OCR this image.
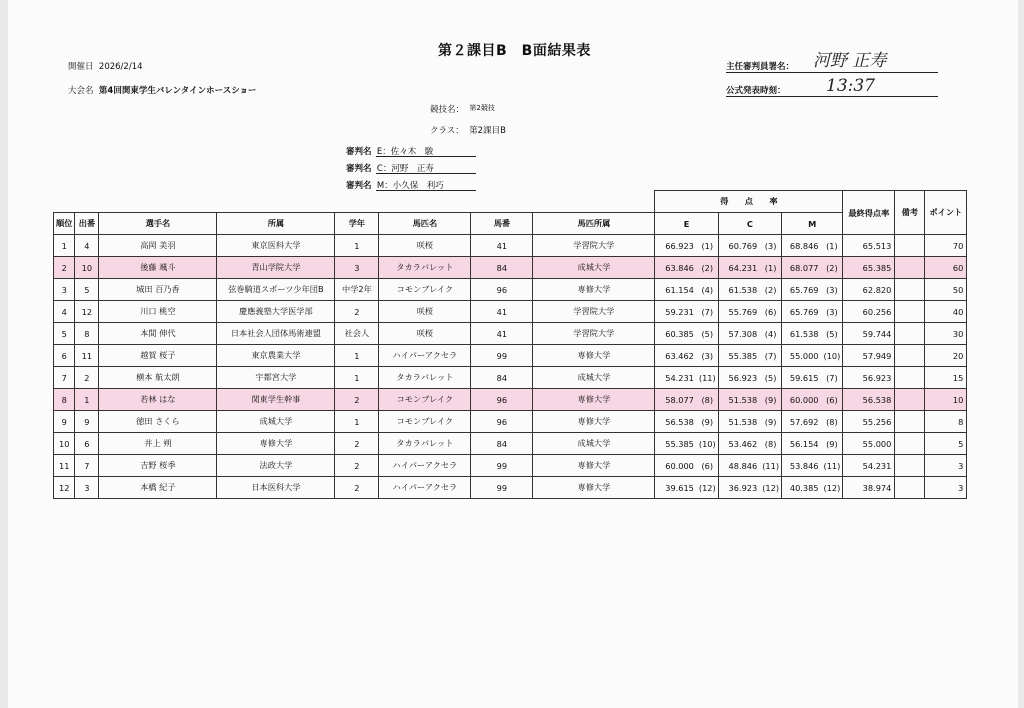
第２課目B　B面結果表
開催日 2026/2/14
大会名 第4回関東学生バレンタインホースショー
競技名： $^{第2競技}$
クラス： 第2課目B
主任審判員署名： 河野 正寿
公式発表時刻： 13:37
審判名 E：佐々木　駿
審判名 C：河野　正寿
審判名 M：小久保　利巧
								得　　点　　率						最終得点率	備考	ポイント
順位	出番	選手名	所属	学年	馬匹名	馬番	馬匹所属	E		C		M				
1	4	高岡 美羽	東京医科大学	1	咲桜	41	学習院大学	66.923	(1)	60.769	(3)	68.846	(1)	65.513		70
2	10	後藤 颯斗	青山学院大学	3	タカラバレット	84	成城大学	63.846	(2)	64.231	(1)	68.077	(2)	65.385		60
3	5	城田 百乃香	弦巻騎道スポーツ少年団B	中学2年	コモンブレイク	96	専修大学	61.154	(4)	61.538	(2)	65.769	(3)	62.820		50
4	12	川口 桃空	慶應義塾大学医学部	2	咲桜	41	学習院大学	59.231	(7)	55.769	(6)	65.769	(3)	60.256		40
5	8	本間 伸代	日本社会人団体馬術連盟	社会人	咲桜	41	学習院大学	60.385	(5)	57.308	(4)	61.538	(5)	59.744		30
6	11	越賀 桜子	東京農業大学	1	ハイパーアクセラ	99	専修大学	63.462	(3)	55.385	(7)	55.000	(10)	57.949		20
7	2	横本 航太朗	宇都宮大学	1	タカラバレット	84	成城大学	54.231	(11)	56.923	(5)	59.615	(7)	56.923		15
8	1	若林 はな	関東学生幹事	2	コモンブレイク	96	専修大学	58.077	(8)	51.538	(9)	60.000	(6)	56.538		10
9	9	徳田 さくら	成城大学	1	コモンブレイク	96	専修大学	56.538	(9)	51.538	(9)	57.692	(8)	55.256		8
10	6	井上 朔	専修大学	2	タカラバレット	84	成城大学	55.385	(10)	53.462	(8)	56.154	(9)	55.000		5
11	7	吉野 桜季	法政大学	2	ハイパーアクセラ	99	専修大学	60.000	(6)	48.846	(11)	53.846	(11)	54.231		3
12	3	本橋 紀子	日本医科大学	2	ハイパーアクセラ	99	専修大学	39.615	(12)	36.923	(12)	40.385	(12)	38.974		3
